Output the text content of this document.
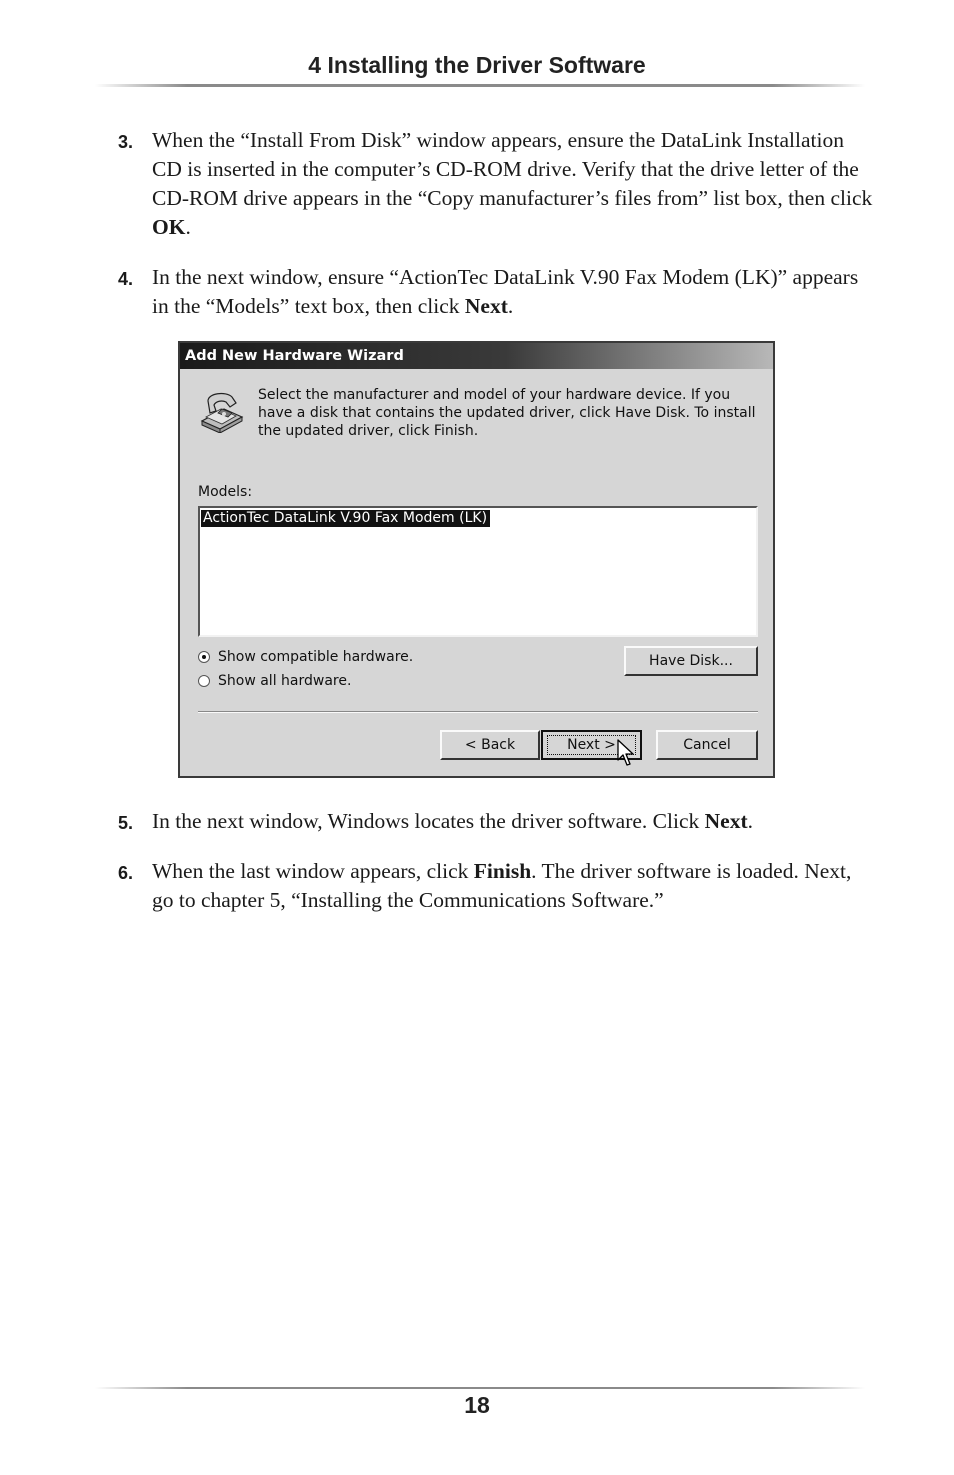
4 Installing the Driver Software
3. When the “Install From Disk” window appears, ensure the DataLink Installation CD is inserted in the computer’s CD-ROM drive. Verify that the drive letter of the CD-ROM drive appears in the “Copy manufacturer’s files from” list box, then click OK.
4. In the next window, ensure “ActionTec DataLink V.90 Fax Modem (LK)” appears in the “Models” text box, then click Next.
Add New Hardware Wizard
Select the manufacturer and model of your hardware device. If you have a disk that contains the updated driver, click Have Disk. To install the updated driver, click Finish.
Models:
ActionTec DataLink V.90 Fax Modem (LK)
Show compatible hardware.
Show all hardware.
Have Disk...
< Back	Next >	Cancel
5. In the next window, Windows locates the driver software. Click Next.
6. When the last window appears, click Finish. The driver software is loaded. Next, go to chapter 5, “Installing the Communications Software.”
18
